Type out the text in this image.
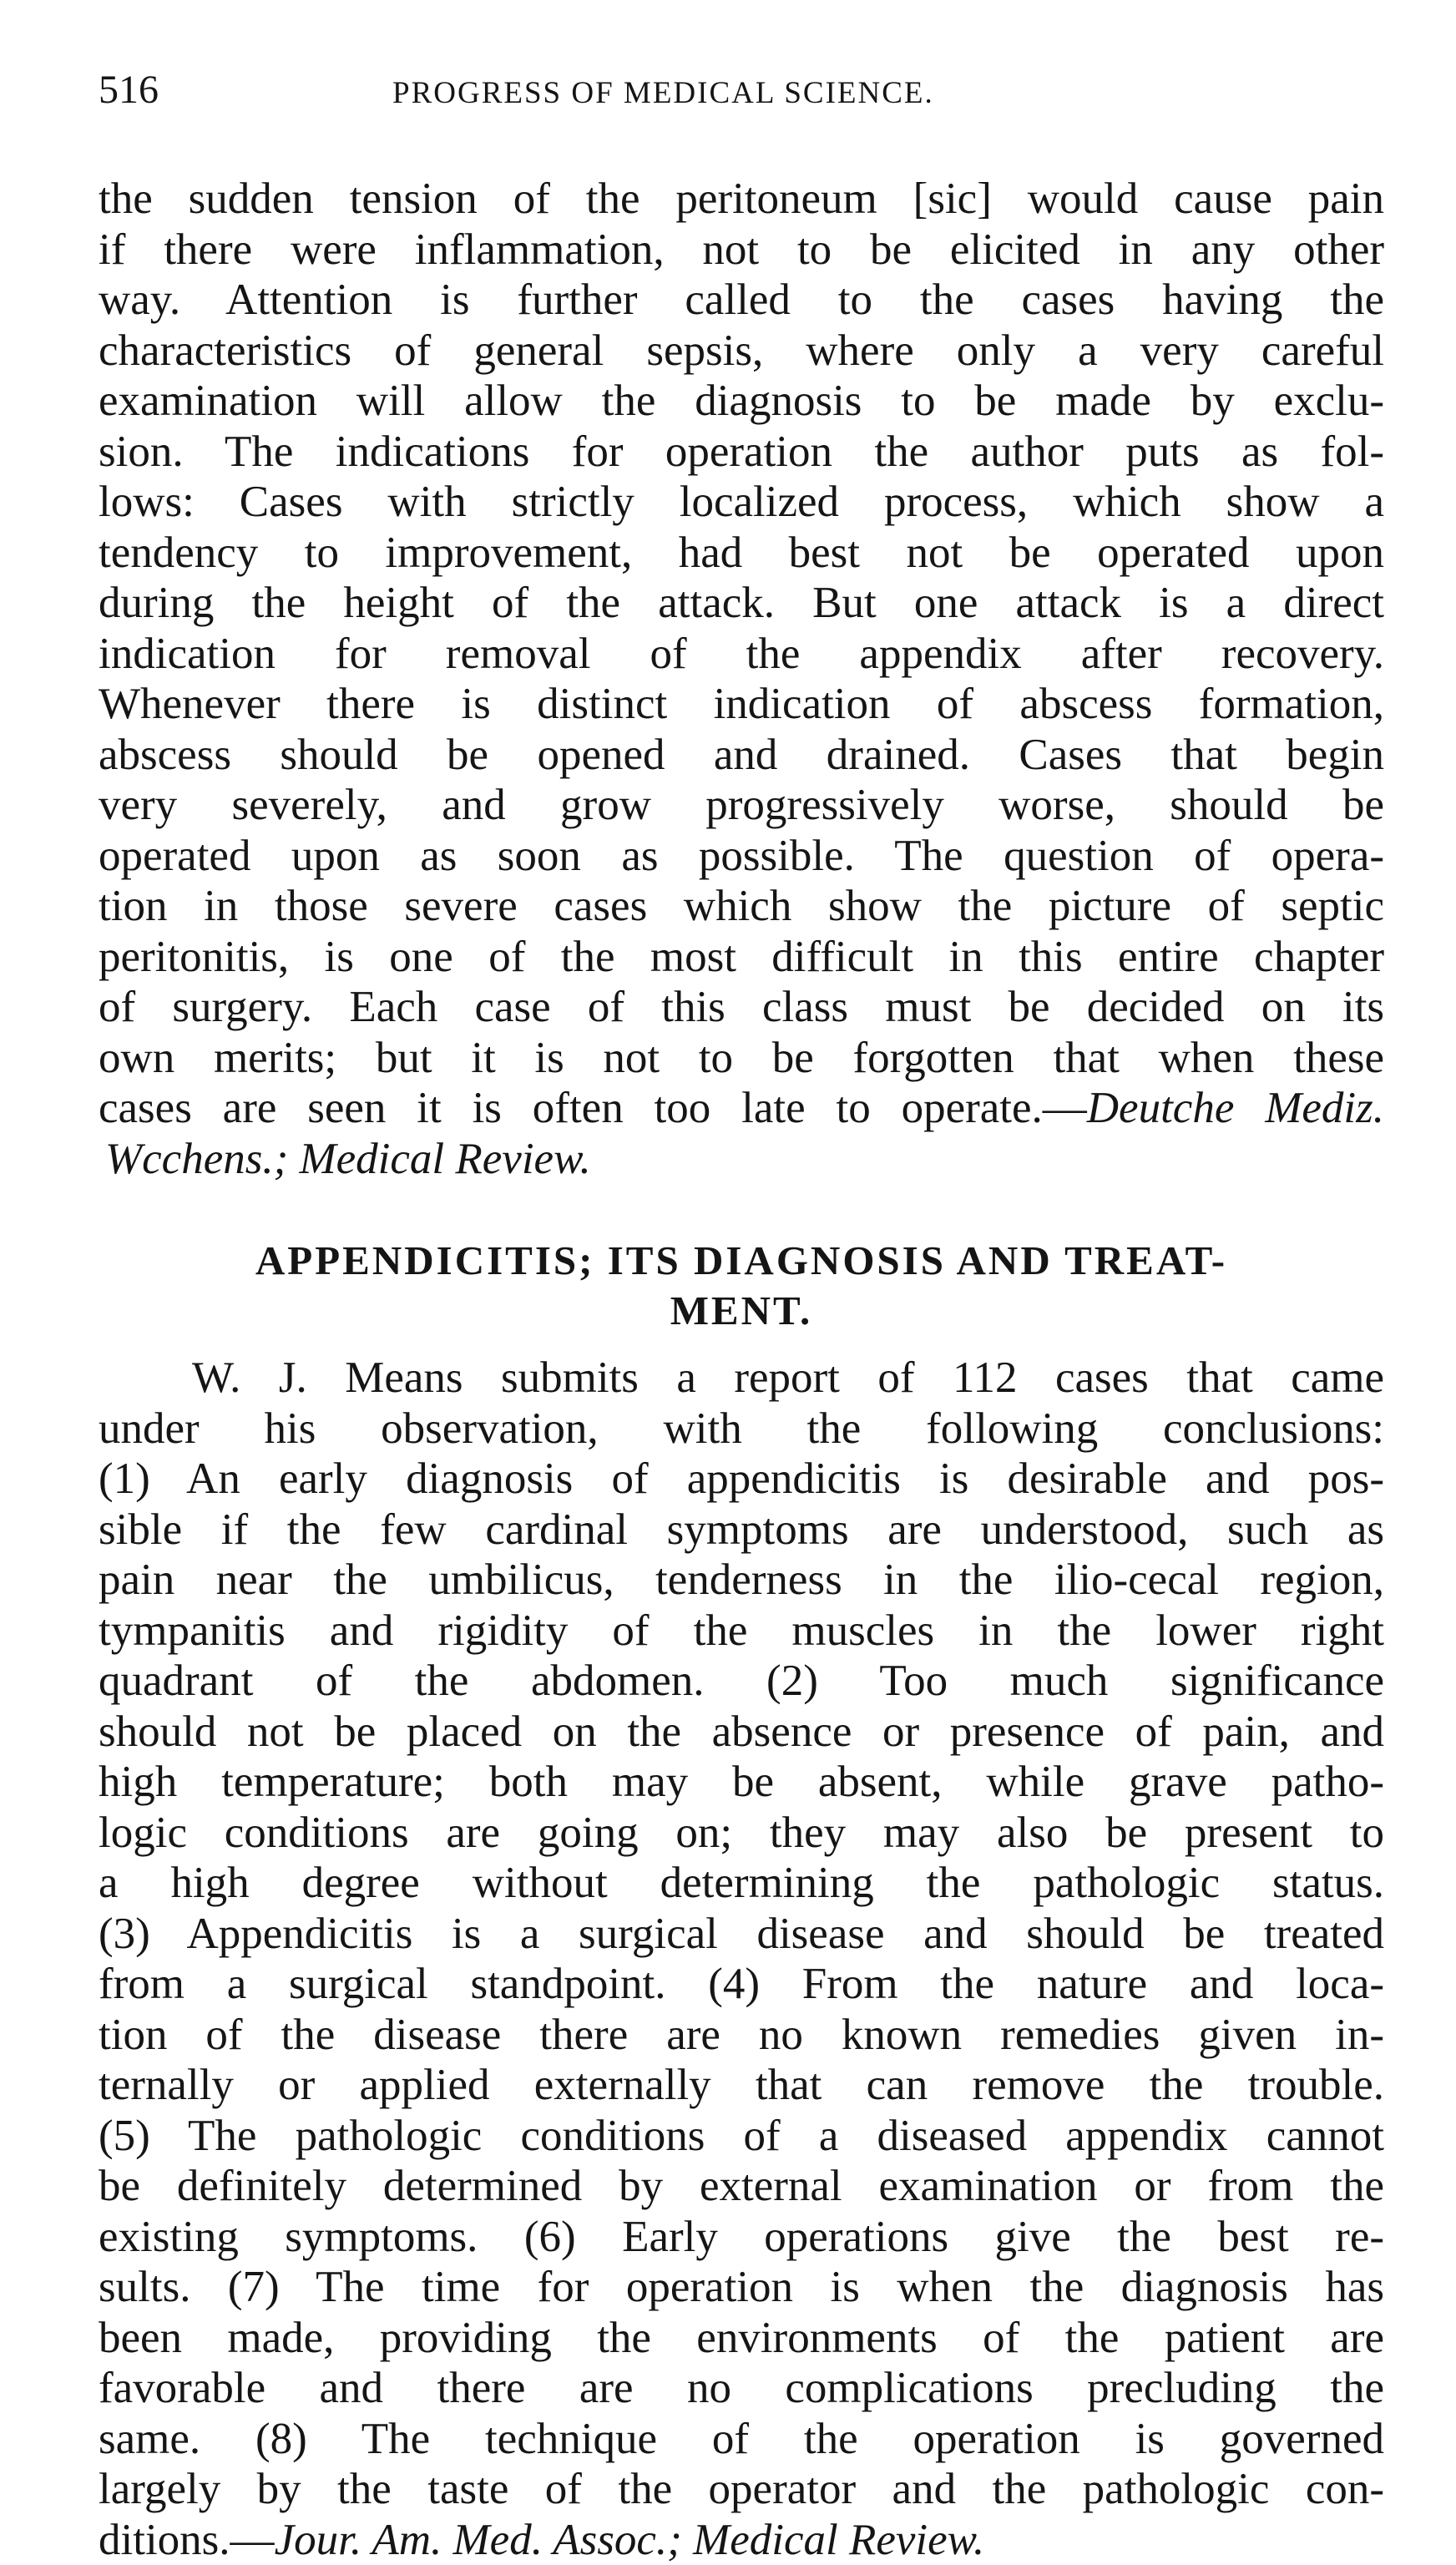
516	PROGRESS OF MEDICAL SCIENCE.
the sudden tension of the peritoneum [sic] would cause pain
if there were inflammation, not to be elicited in any other
way. Attention is further called to the cases having the
characteristics of general sepsis, where only a very careful
examination will allow the diagnosis to be made by exclu-
sion. The indications for operation the author puts as fol-
lows: Cases with strictly localized process, which show a
tendency to improvement, had best not be operated upon
during the height of the attack. But one attack is a direct
indication for removal of the appendix after recovery.
Whenever there is distinct indication of abscess formation,
abscess should be opened and drained. Cases that begin
very severely, and grow progressively worse, should be
operated upon as soon as possible. The question of opera-
tion in those severe cases which show the picture of septic
peritonitis, is one of the most difficult in this entire chapter
of surgery. Each case of this class must be decided on its
own merits; but it is not to be forgotten that when these
cases are seen it is often too late to operate.—Deutche Mediz.
Wcchens.; Medical Review.
APPENDICITIS; ITS DIAGNOSIS AND TREAT-
MENT.
W. J. Means submits a report of 112 cases that came
under his observation, with the following conclusions:
(1) An early diagnosis of appendicitis is desirable and pos-
sible if the few cardinal symptoms are understood, such as
pain near the umbilicus, tenderness in the ilio-cecal region,
tympanitis and rigidity of the muscles in the lower right
quadrant of the abdomen. (2) Too much significance
should not be placed on the absence or presence of pain, and
high temperature; both may be absent, while grave patho-
logic conditions are going on; they may also be present to
a high degree without determining the pathologic status.
(3) Appendicitis is a surgical disease and should be treated
from a surgical standpoint. (4) From the nature and loca-
tion of the disease there are no known remedies given in-
ternally or applied externally that can remove the trouble.
(5) The pathologic conditions of a diseased appendix cannot
be definitely determined by external examination or from the
existing symptoms. (6) Early operations give the best re-
sults. (7) The time for operation is when the diagnosis has
been made, providing the environments of the patient are
favorable and there are no complications precluding the
same. (8) The technique of the operation is governed
largely by the taste of the operator and the pathologic con-
ditions.—Jour. Am. Med. Assoc.; Medical Review.
